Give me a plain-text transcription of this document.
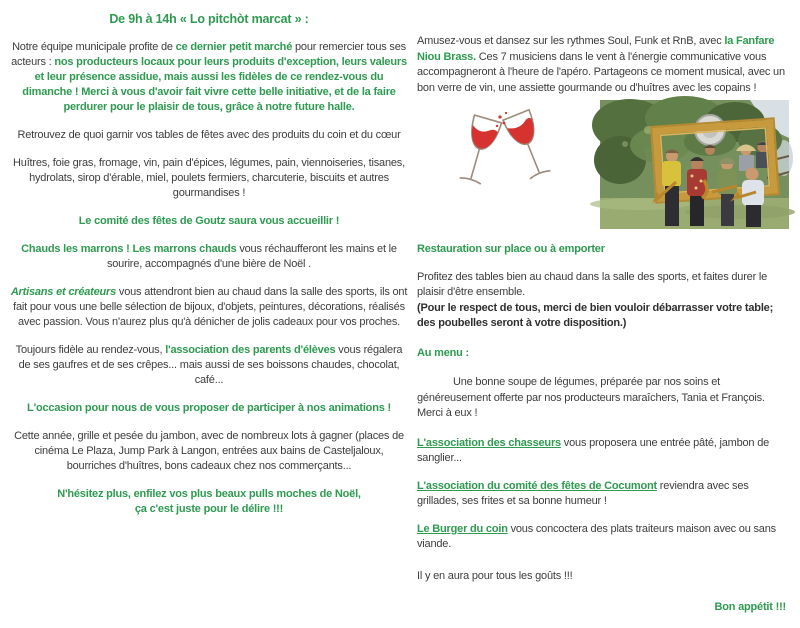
De 9h à 14h « Lo pitchòt marcat » :

Notre équipe municipale profite de ce dernier petit marché pour remercier tous ses acteurs : nos producteurs locaux pour leurs produits d'exception, leurs valeurs et leur présence assidue, mais aussi les fidèles de ce rendez-vous du dimanche ! Merci à vous d'avoir fait vivre cette belle initiative, et de la faire perdurer pour le plaisir de tous, grâce à notre future halle.

Retrouvez de quoi garnir vos tables de fêtes avec des produits du coin et du cœur

Huîtres, foie gras, fromage, vin, pain d'épices, légumes, pain, viennoiseries, tisanes, hydrolats, sirop d'érable, miel, poulets fermiers, charcuterie, biscuits et autres gourmandises !

Le comité des fêtes de Goutz saura vous accueillir !

Chauds les marrons ! Les marrons chauds vous réchaufferont les mains et le sourire, accompagnés d'une bière de Noël .

Artisans et créateurs vous attendront bien au chaud dans la salle des sports, ils ont fait pour vous une belle sélection de bijoux, d'objets, peintures, décorations, réalisés avec passion. Vous n'aurez plus qu'à dénicher de jolis cadeaux pour vos proches.

Toujours fidèle au rendez-vous, l'association des parents d'élèves vous régalera de ses gaufres et de ses crêpes... mais aussi de ses boissons chaudes, chocolat, café...

L'occasion pour nous de vous proposer de participer à nos animations !

Cette année, grille et pesée du jambon, avec de nombreux lots à gagner (places de cinéma Le Plaza, Jump Park à Langon, entrées aux bains de Casteljaloux, bourriches d'huîtres, bons cadeaux chez nos commerçants...

N'hésitez plus, enfilez vos plus beaux pulls moches de Noël,
ça c'est juste pour le délire !!!

Amusez-vous et dansez sur les rythmes Soul, Funk et RnB, avec la Fanfare Niou Brass. Ces 7 musiciens dans le vent à l'énergie communicative vous accompagneront à l'heure de l'apéro. Partageons ce moment musical, avec un bon verre de vin, une assiette gourmande ou d'huîtres avec les copains !

Restauration sur place ou à emporter

Profitez des tables bien au chaud dans la salle des sports, et faites durer le plaisir d'être ensemble.

(Pour le respect de tous, merci de bien vouloir débarrasser votre table; des poubelles seront à votre disposition.)

Au menu :

Une bonne soupe de légumes, préparée par nos soins et généreusement offerte par nos producteurs maraîchers, Tania et François. Merci à eux !

L'association des chasseurs vous proposera une entrée pâté, jambon de sanglier...

L'association du comité des fêtes de Cocumont reviendra avec ses grillades, ses frites et sa bonne humeur !

Le Burger du coin vous concoctera des plats traiteurs maison avec ou sans viande.

Il y en aura pour tous les goûts !!!

Bon appétit !!!
